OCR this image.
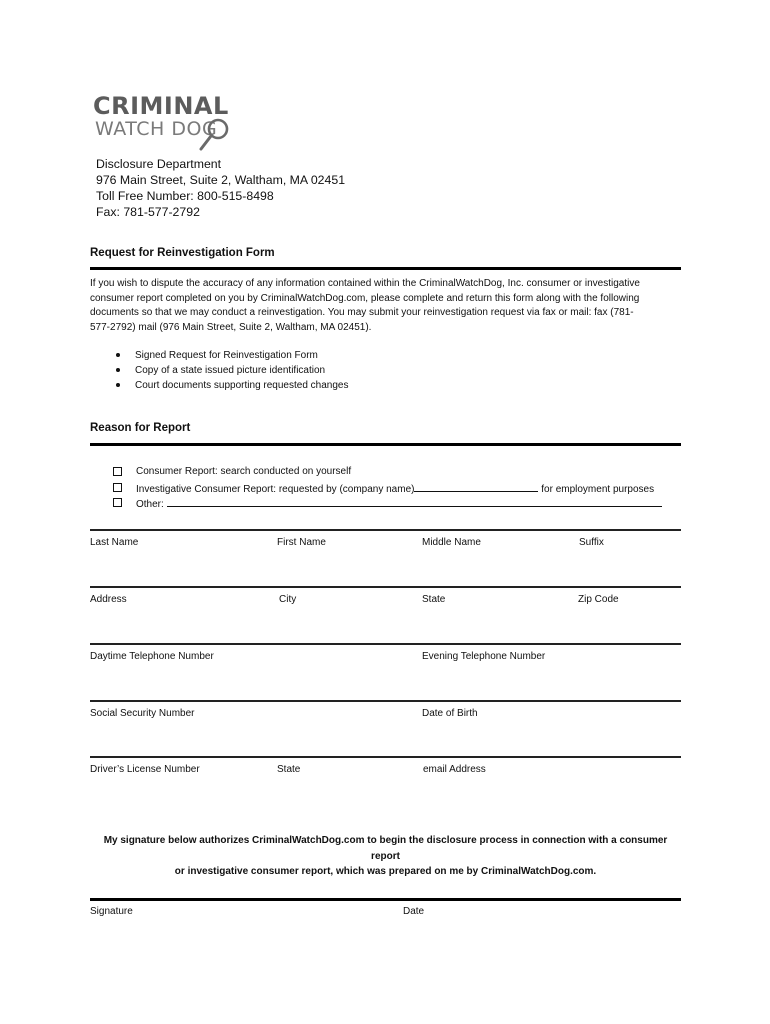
CRIMINAL
WATCH DOG
Disclosure Department
976 Main Street, Suite 2, Waltham, MA 02451
Toll Free Number: 800-515-8498
Fax: 781-577-2792
Request for Reinvestigation Form
If you wish to dispute the accuracy of any information contained within the CriminalWatchDog, Inc. consumer or investigative
consumer report completed on you by CriminalWatchDog.com, please complete and return this form along with the following
documents so that we may conduct a reinvestigation. You may submit your reinvestigation request via fax or mail: fax (781-
577-2792) mail (976 Main Street, Suite 2, Waltham, MA 02451).
Signed Request for Reinvestigation Form
Copy of a state issued picture identification
Court documents supporting requested changes
Reason for Report
Consumer Report: search conducted on yourself
Investigative Consumer Report: requested by (company name)	for employment purposes
Other:
Last Name	First Name	Middle Name	Suffix
Address	City	State	Zip Code
Daytime Telephone Number	Evening Telephone Number
Social Security Number	Date of Birth
Driver’s License Number	State	email Address
My signature below authorizes CriminalWatchDog.com to begin the disclosure process in connection with a consumer report
or investigative consumer report, which was prepared on me by CriminalWatchDog.com.
Signature	Date
